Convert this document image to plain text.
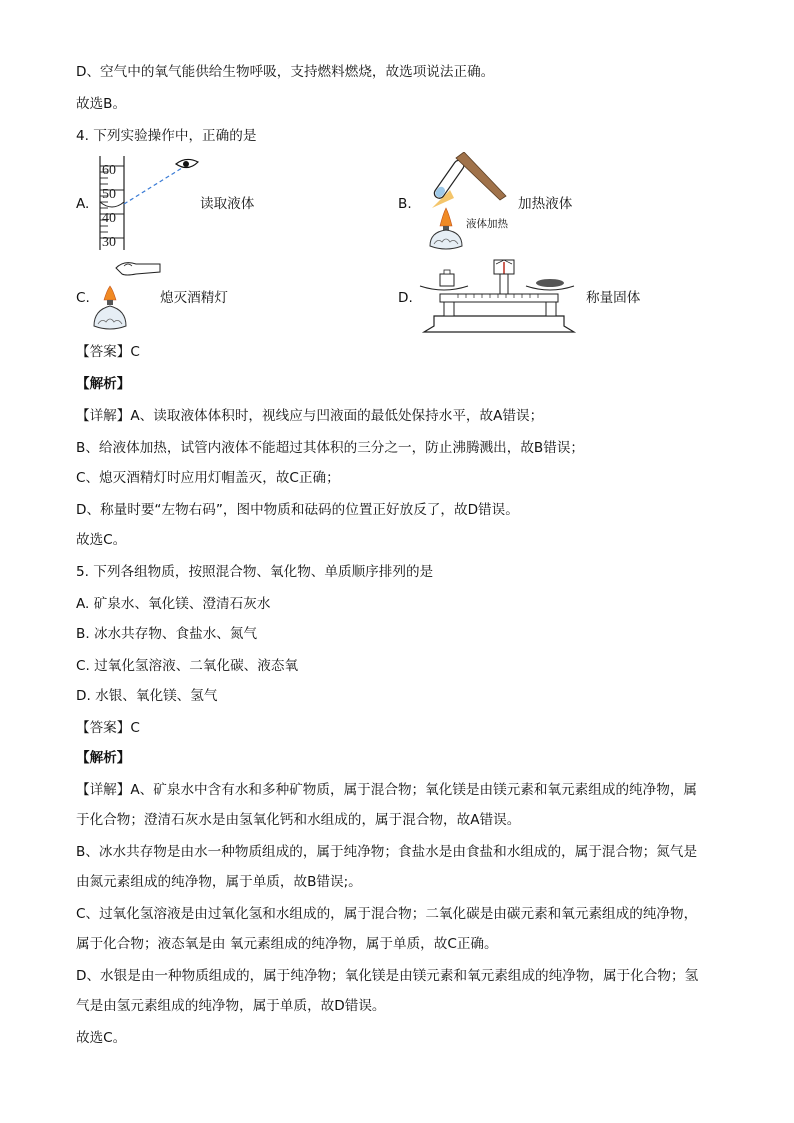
D、空气中的氧气能供给生物呼吸，支持燃料燃烧，故选项说法正确。
故选B。
4. 下列实验操作中，正确的是
A.
60
50
40
30
读取液体	B.	加热液体
液体加热
C.	熄灭酒精灯	D.	称量固体
【答案】C
【解析】
【详解】A、读取液体体积时，视线应与凹液面的最低处保持水平，故A错误；
B、给液体加热，试管内液体不能超过其体积的三分之一，防止沸腾溅出，故B错误；
C、熄灭酒精灯时应用灯帽盖灭，故C正确；
D、称量时要“左物右码”，图中物质和砝码的位置正好放反了，故D错误。
故选C。
5. 下列各组物质，按照混合物、氧化物、单质顺序排列的是
A. 矿泉水、氧化镁、澄清石灰水
B. 冰水共存物、食盐水、氮气
C. 过氧化氢溶液、二氧化碳、液态氧
D. 水银、氧化镁、氢气
【答案】C
【解析】
【详解】A、矿泉水中含有水和多种矿物质，属于混合物；氧化镁是由镁元素和氧元素组成的纯净物，属
于化合物；澄清石灰水是由氢氧化钙和水组成的，属于混合物，故A错误。
B、冰水共存物是由水一种物质组成的，属于纯净物；食盐水是由食盐和水组成的，属于混合物；氮气是
由氮元素组成的纯净物，属于单质，故B错误;。
C、过氧化氢溶液是由过氧化氢和水组成的，属于混合物；二氧化碳是由碳元素和氧元素组成的纯净物，
属于化合物；液态氧是由 氧元素组成的纯净物，属于单质，故C正确。
D、水银是由一种物质组成的，属于纯净物；氧化镁是由镁元素和氧元素组成的纯净物，属于化合物；氢
气是由氢元素组成的纯净物，属于单质，故D错误。
故选C。
